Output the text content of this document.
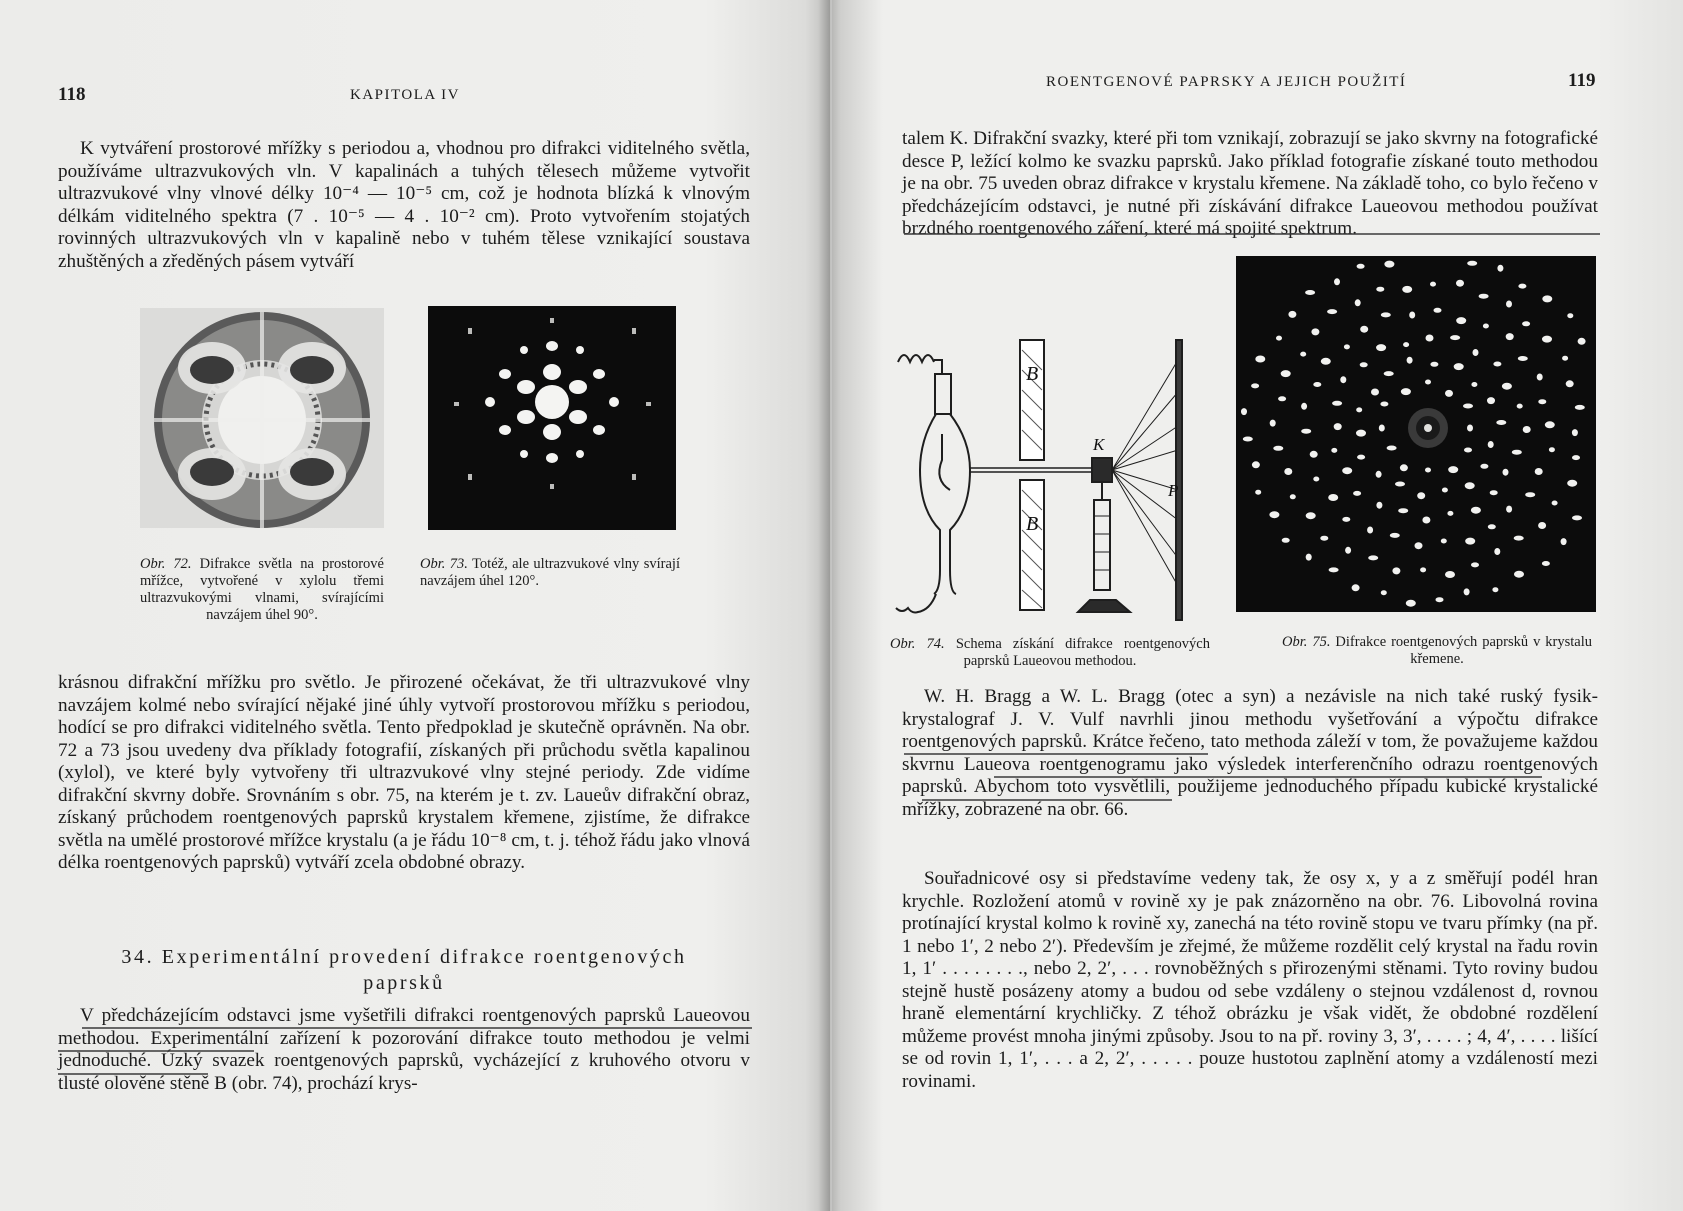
118	KAPITOLA IV

K vytváření prostorové mřížky s periodou a, vhodnou pro difrakci viditelného světla, používáme ultrazvukových vln. V kapalinách a tuhých tělesech můžeme vytvořit ultrazvukové vlny vlnové délky 10⁻⁴ — 10⁻⁵ cm, což je hodnota blízká k vlnovým délkám viditelného spektra (7 . 10⁻⁵ — 4 . 10⁻² cm). Proto vytvořením stojatých rovinných ultrazvukových vln v kapalině nebo v tuhém tělese vznikající soustava zhuštěných a zředěných pásem vytváří

Obr. 72. Difrakce světla na prostorové mřížce, vytvořené v xylolu třemi ultrazvukovými vlnami, svírajícími navzájem úhel 90°.
Obr. 73. Totéž, ale ultrazvukové vlny svírají navzájem úhel 120°.

krásnou difrakční mřížku pro světlo. Je přirozené očekávat, že tři ultrazvukové vlny navzájem kolmé nebo svírající nějaké jiné úhly vytvoří prostorovou mřížku s periodou, hodící se pro difrakci viditelného světla. Tento předpoklad je skutečně oprávněn. Na obr. 72 a 73 jsou uvedeny dva příklady fotografií, získaných při průchodu světla kapalinou (xylol), ve které byly vytvořeny tři ultrazvukové vlny stejné periody. Zde vidíme difrakční skvrny dobře. Srovnáním s obr. 75, na kterém je t. zv. Laueův difrakční obraz, získaný průchodem roentgenových paprsků krystalem křemene, zjistíme, že difrakce světla na umělé prostorové mřížce krystalu (a je řádu 10⁻⁸ cm, t. j. téhož řádu jako vlnová délka roentgenových paprsků) vytváří zcela obdobné obrazy.

34. Experimentální provedení difrakce roentgenových
paprsků

V předcházejícím odstavci jsme vyšetřili difrakci roentgenových paprsků Laueovou methodou. Experimentální zařízení k pozorování difrakce touto methodou je velmi jednoduché. Úzký svazek roentgenových paprsků, vycházející z kruhového otvoru v tlusté olověné stěně B (obr. 74), prochází krys-

ROENTGENOVÉ PAPRSKY A JEJICH POUŽITÍ	119

talem K. Difrakční svazky, které při tom vznikají, zobrazují se jako skvrny na fotografické desce P, ležící kolmo ke svazku paprsků. Jako příklad fotografie získané touto methodou je na obr. 75 uveden obraz difrakce v krystalu křemene. Na základě toho, co bylo řečeno v předcházejícím odstavci, je nutné při získávání difrakce Laueovou methodou používat brzdného roentgenového záření, které má spojité spektrum.

B
B
K
P
Obr. 74. Schema získání difrakce roentgenových paprsků Laueovou methodou.
Obr. 75. Difrakce roentgenových paprsků v krystalu křemene.

W. H. Bragg a W. L. Bragg (otec a syn) a nezávisle na nich také ruský fysik-krystalograf J. V. Vulf navrhli jinou methodu vyšetřování a výpočtu difrakce roentgenových paprsků. Krátce řečeno, tato methoda záleží v tom, že považujeme každou skvrnu Laueova roentgenogramu jako výsledek interferenčního odrazu roentgenových paprsků. Abychom toto vysvětlili, použijeme jednoduchého případu kubické krystalické mřížky, zobrazené na obr. 66.

Souřadnicové osy si představíme vedeny tak, že osy x, y a z směřují podél hran krychle. Rozložení atomů v rovině xy je pak znázorněno na obr. 76. Libovolná rovina protínající krystal kolmo k rovině xy, zanechá na této rovině stopu ve tvaru přímky (na př. 1 nebo 1′, 2 nebo 2′). Především je zřejmé, že můžeme rozdělit celý krystal na řadu rovin 1, 1′ . . . . . . . ., nebo 2, 2′, . . . rovnoběžných s přirozenými stěnami. Tyto roviny budou stejně hustě posázeny atomy a budou od sebe vzdáleny o stejnou vzdálenost d, rovnou hraně elementární krychličky. Z téhož obrázku je však vidět, že obdobné rozdělení můžeme provést mnoha jinými způsoby. Jsou to na př. roviny 3, 3′, . . . . ; 4, 4′, . . . . lišící se od rovin 1, 1′, . . . a 2, 2′, . . . . . pouze hustotou zaplnění atomy a vzdáleností mezi rovinami.
